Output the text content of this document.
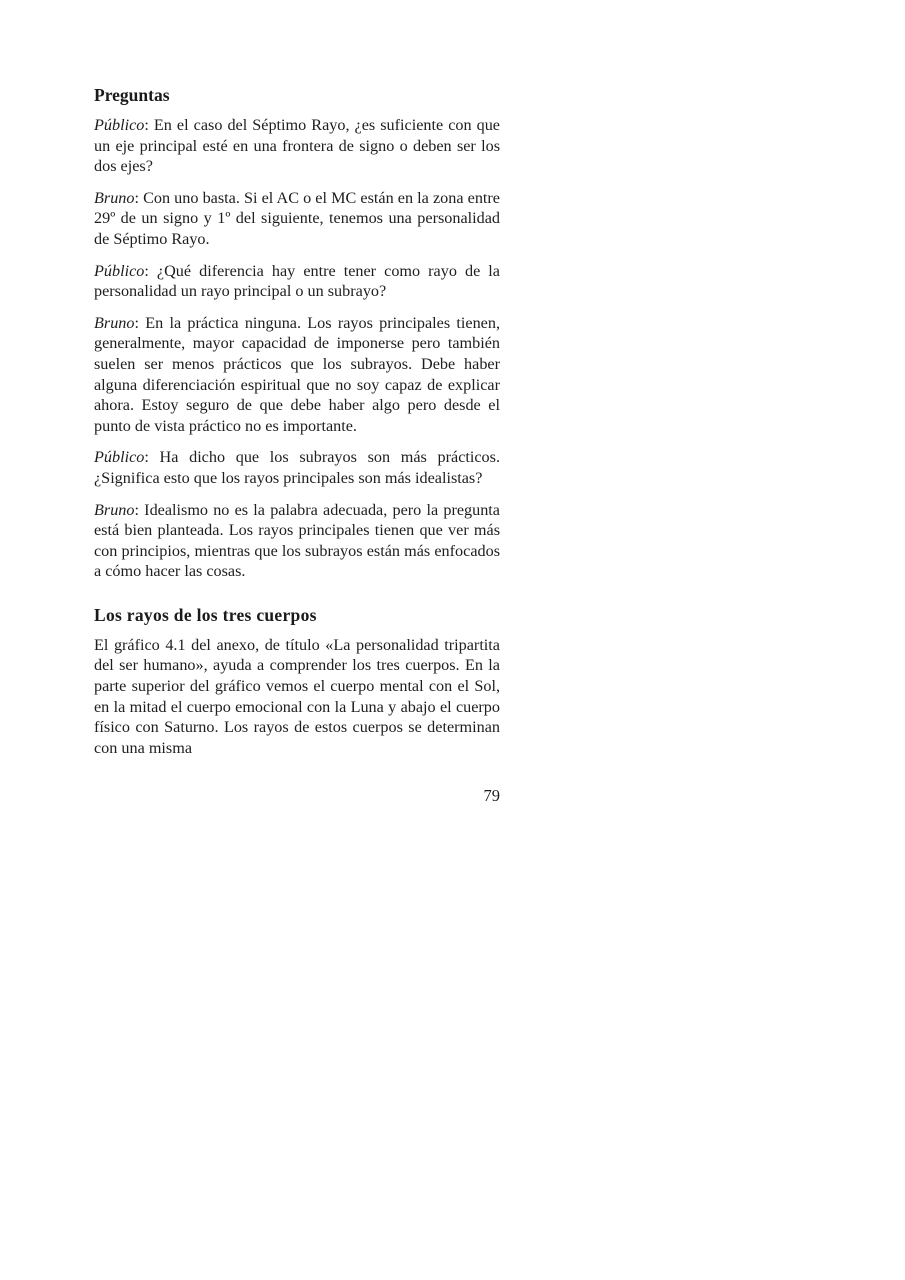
Preguntas

Público: En el caso del Séptimo Rayo, ¿es suficiente con que un eje principal esté en una frontera de signo o deben ser los dos ejes?

Bruno: Con uno basta. Si el AC o el MC están en la zona entre 29º de un signo y 1º del siguiente, tenemos una personalidad de Séptimo Rayo.

Público: ¿Qué diferencia hay entre tener como rayo de la personalidad un rayo principal o un subrayo?

Bruno: En la práctica ninguna. Los rayos principales tienen, generalmente, mayor capacidad de imponerse pero también suelen ser menos prácticos que los subrayos. Debe haber alguna diferenciación espiritual que no soy capaz de explicar ahora. Estoy seguro de que debe haber algo pero desde el punto de vista práctico no es importante.

Público: Ha dicho que los subrayos son más prácticos. ¿Significa esto que los rayos principales son más idealistas?

Bruno: Idealismo no es la palabra adecuada, pero la pregunta está bien planteada. Los rayos principales tienen que ver más con principios, mientras que los subrayos están más enfocados a cómo hacer las cosas.

Los rayos de los tres cuerpos

El gráfico 4.1 del anexo, de título «La personalidad tripartita del ser humano», ayuda a comprender los tres cuerpos. En la parte superior del gráfico vemos el cuerpo mental con el Sol, en la mitad el cuerpo emocional con la Luna y abajo el cuerpo físico con Saturno. Los rayos de estos cuerpos se determinan con una misma

79
